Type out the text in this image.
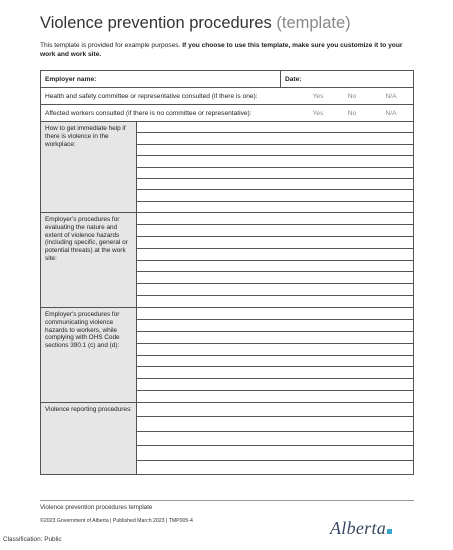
Violence prevention procedures (template)
This template is provided for example purposes. If you choose to use this template, make sure you customize it to your work and work site.
Employer name:	Date:
Health and safety committee or representative consulted (if there is one):	Yes	No	N/A
Affected workers consulted (if there is no committee or representative):	Yes	No	N/A
How to get immediate help if there is violence in the workplace:
Employer's procedures for evaluating the nature and extent of violence hazards (including specific, general or potential threats) at the work site:
Employer's procedures for communicating violence hazards to workers, while complying with OHS Code sections 390.1 (c) and (d):
Violence reporting procedures:
Violence prevention procedures template
©2023 Government of Alberta | Published March 2023 | TMP005-4
Classification: Public
Alberta
